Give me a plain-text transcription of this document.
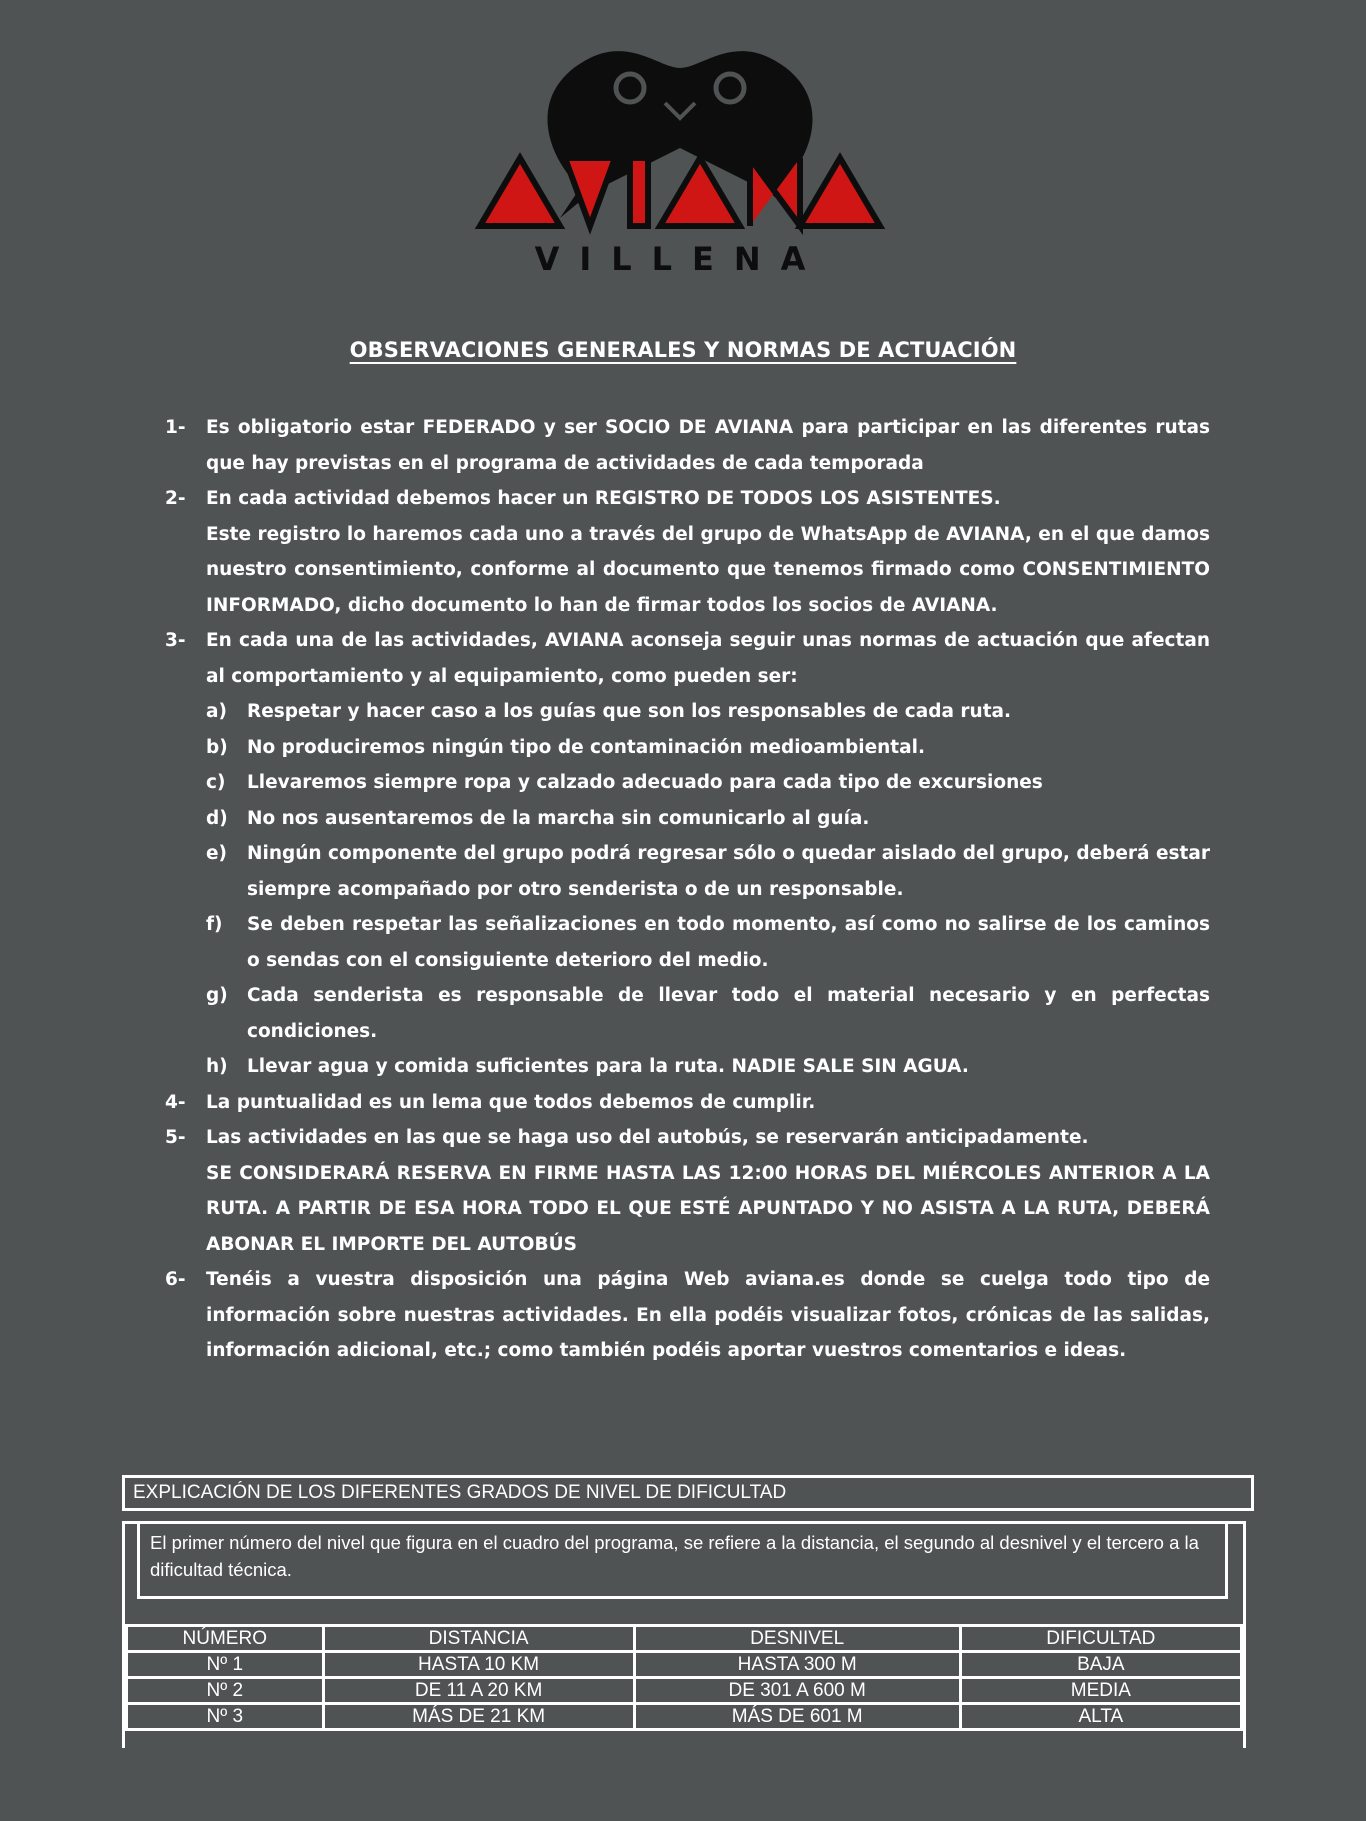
VILLENA
OBSERVACIONES GENERALES Y NORMAS DE ACTUACIÓN
1-	Es obligatorio estar FEDERADO y ser SOCIO DE AVIANA para participar en las diferentes rutas que hay previstas en el programa de actividades de cada temporada
2-	En cada actividad debemos hacer un REGISTRO DE TODOS LOS ASISTENTES.
Este registro lo haremos cada uno a través del grupo de WhatsApp de AVIANA, en el que damos nuestro consentimiento, conforme al documento que tenemos firmado como CONSENTIMIENTO INFORMADO, dicho documento lo han de firmar todos los socios de AVIANA.
3-	En cada una de las actividades, AVIANA aconseja seguir unas normas de actuación que afectan al comportamiento y al equipamiento, como pueden ser:
a)	Respetar y hacer caso a los guías que son los responsables de cada ruta.
b)	No produciremos ningún tipo de contaminación medioambiental.
c)	Llevaremos siempre ropa y calzado adecuado para cada tipo de excursiones
d)	No nos ausentaremos de la marcha sin comunicarlo al guía.
e)	Ningún componente del grupo podrá regresar sólo o quedar aislado del grupo, deberá estar siempre acompañado por otro senderista o de un responsable.
f)	Se deben respetar las señalizaciones en todo momento, así como no salirse de los caminos o sendas con el consiguiente deterioro del medio.
g)	Cada senderista es responsable de llevar todo el material necesario y en perfectas condiciones.
h)	Llevar agua y comida suficientes para la ruta. NADIE SALE SIN AGUA.
4-	La puntualidad es un lema que todos debemos de cumplir.
5-	Las actividades en las que se haga uso del autobús, se reservarán anticipadamente.
SE CONSIDERARÁ RESERVA EN FIRME HASTA LAS 12:00 HORAS DEL MIÉRCOLES ANTERIOR A LA RUTA. A PARTIR DE ESA HORA TODO EL QUE ESTÉ APUNTADO Y NO ASISTA A LA RUTA, DEBERÁ ABONAR EL IMPORTE DEL AUTOBÚS
6-	Tenéis a vuestra disposición una página Web aviana.es donde se cuelga todo tipo de información sobre nuestras actividades. En ella podéis visualizar fotos, crónicas de las salidas, información adicional, etc.; como también podéis aportar vuestros comentarios e ideas.
EXPLICACIÓN DE LOS DIFERENTES GRADOS DE NIVEL DE DIFICULTAD
El primer número del nivel que figura en el cuadro del programa, se refiere a la distancia, el segundo al desnivel y el tercero a la dificultad técnica.
NÚMERO	DISTANCIA	DESNIVEL	DIFICULTAD
Nº 1	HASTA 10 KM	HASTA 300 M	BAJA
Nº 2	DE 11 A 20 KM	DE 301 A 600 M	MEDIA
Nº 3	MÁS DE 21 KM	MÁS DE 601 M	ALTA
